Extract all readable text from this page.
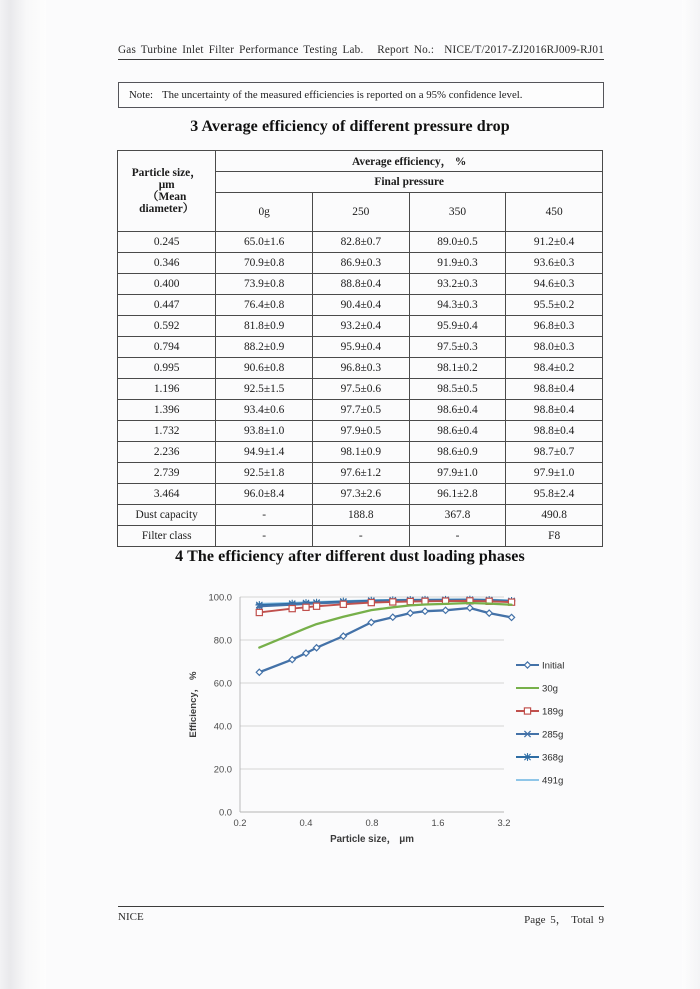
Gas Turbine Inlet Filter Performance Testing Lab. Report No.: NICE/T/2017-ZJ2016RJ009-RJ01
Note: The uncertainty of the measured efficiencies is reported on a 95% confidence level.
3 Average efficiency of different pressure drop
Particle size，
μm
（Mean
diameter）	Average efficiency， %			
	Final pressure			
	0g	250	350	450
0.245	65.0±1.6	82.8±0.7	89.0±0.5	91.2±0.4
0.346	70.9±0.8	86.9±0.3	91.9±0.3	93.6±0.3
0.400	73.9±0.8	88.8±0.4	93.2±0.3	94.6±0.3
0.447	76.4±0.8	90.4±0.4	94.3±0.3	95.5±0.2
0.592	81.8±0.9	93.2±0.4	95.9±0.4	96.8±0.3
0.794	88.2±0.9	95.9±0.4	97.5±0.3	98.0±0.3
0.995	90.6±0.8	96.8±0.3	98.1±0.2	98.4±0.2
1.196	92.5±1.5	97.5±0.6	98.5±0.5	98.8±0.4
1.396	93.4±0.6	97.7±0.5	98.6±0.4	98.8±0.4
1.732	93.8±1.0	97.9±0.5	98.6±0.4	98.8±0.4
2.236	94.9±1.4	98.1±0.9	98.6±0.9	98.7±0.7
2.739	92.5±1.8	97.6±1.2	97.9±1.0	97.9±1.0
3.464	96.0±8.4	97.3±2.6	96.1±2.8	95.8±2.4
Dust capacity	-	188.8	367.8	490.8
Filter class	-	-	-	F8
4 The efficiency after different dust loading phases
0.0
20.0
40.0
60.0
80.0
100.0
0.2	0.4	0.8	1.6	3.2
Efficiency， %
Particle size， μm
Initial
30g
189g
285g
368g
491g
NICE	Page 5， Total 9
